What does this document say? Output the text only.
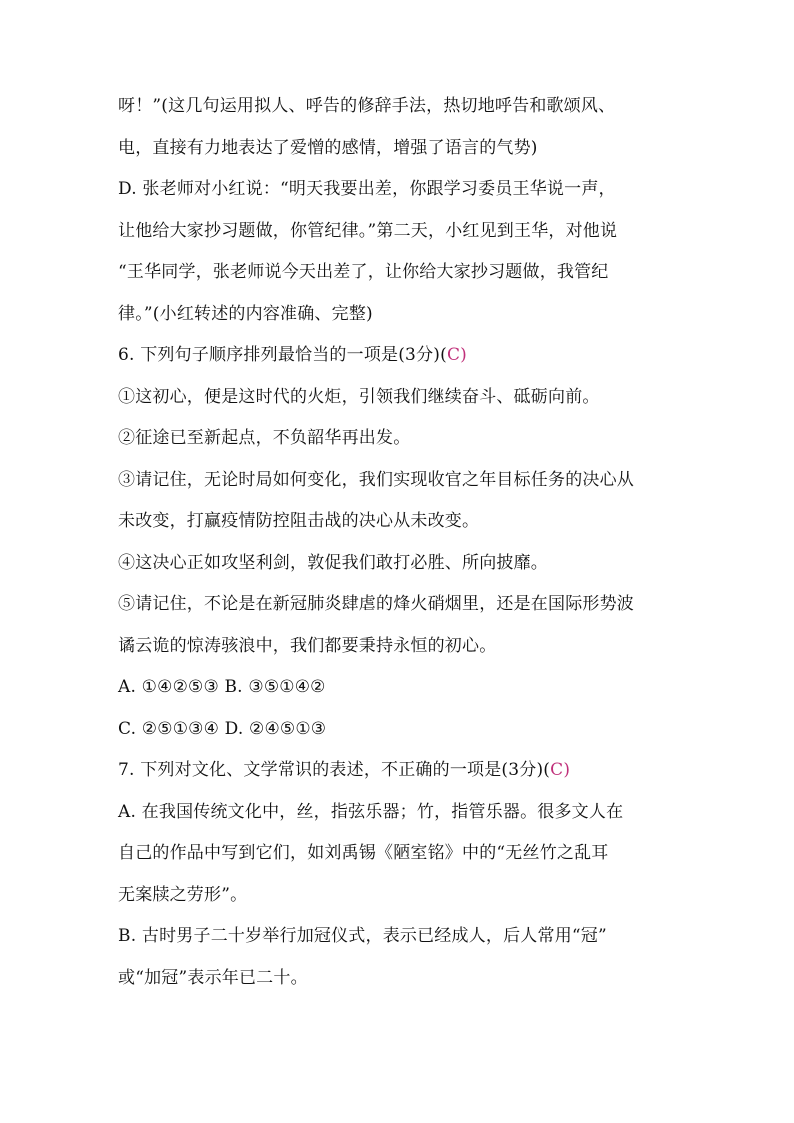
呀！”(这几句运用拟人、呼告的修辞手法，热切地呼告和歌颂风、
电，直接有力地表达了爱憎的感情，增强了语言的气势)
D. 张老师对小红说：“明天我要出差，你跟学习委员王华说一声，
让他给大家抄习题做，你管纪律。”第二天，小红见到王华，对他说
“王华同学，张老师说今天出差了，让你给大家抄习题做，我管纪
律。”(小红转述的内容准确、完整)
6. 下列句子顺序排列最恰当的一项是(3分)(C)
①这初心，便是这时代的火炬，引领我们继续奋斗、砥砺向前。
②征途已至新起点，不负韶华再出发。
③请记住，无论时局如何变化，我们实现收官之年目标任务的决心从
未改变，打赢疫情防控阻击战的决心从未改变。
④这决心正如攻坚利剑，敦促我们敢打必胜、所向披靡。
⑤请记住，不论是在新冠肺炎肆虐的烽火硝烟里，还是在国际形势波
谲云诡的惊涛骇浪中，我们都要秉持永恒的初心。
A. ①④②⑤③ B. ③⑤①④②
C. ②⑤①③④ D. ②④⑤①③
7. 下列对文化、文学常识的表述，不正确的一项是(3分)(C)
A. 在我国传统文化中，丝，指弦乐器；竹，指管乐器。很多文人在
自己的作品中写到它们，如刘禹锡《陋室铭》中的“无丝竹之乱耳
无案牍之劳形”。
B. 古时男子二十岁举行加冠仪式，表示已经成人，后人常用“冠”
或“加冠”表示年已二十。
